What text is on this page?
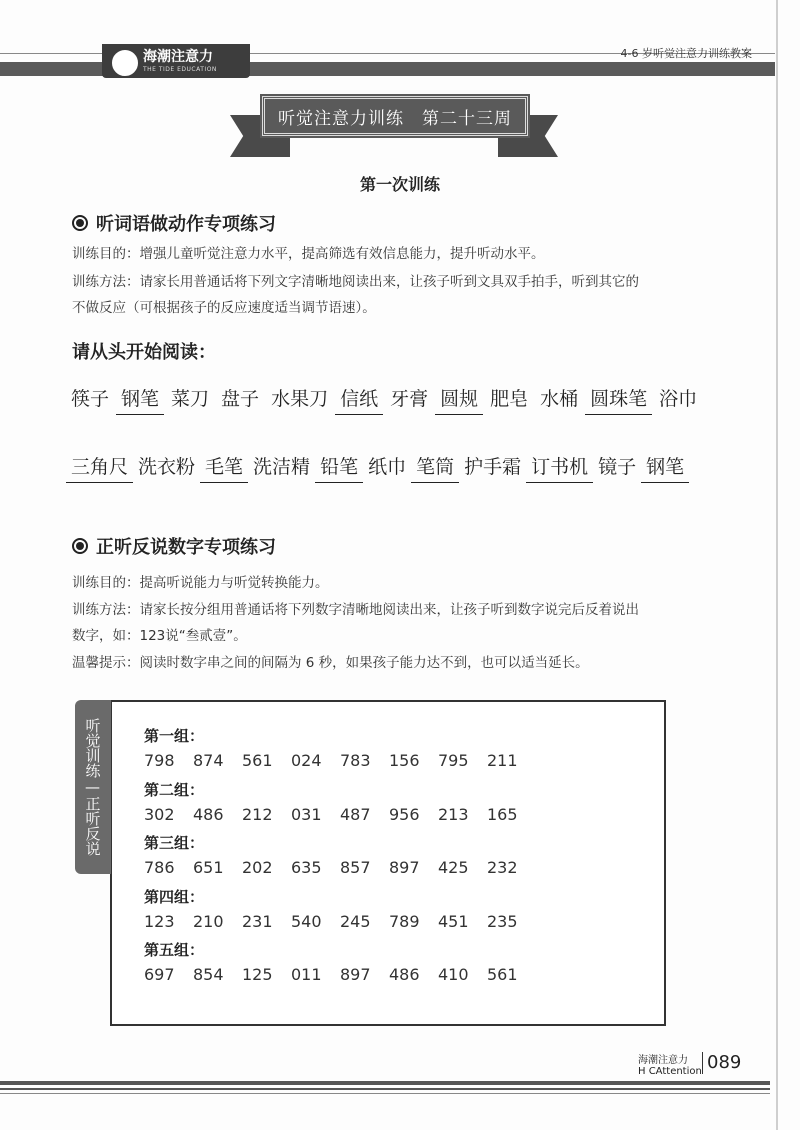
海潮注意力
THE TIDE EDUCATION
4-6 岁听觉注意力训练教案
听觉注意力训练　第二十三周
第一次训练
听词语做动作专项练习
训练目的：增强儿童听觉注意力水平，提高筛选有效信息能力，提升听动水平。
训练方法：请家长用普通话将下列文字清晰地阅读出来，让孩子听到文具双手拍手，听到其它的
不做反应（可根据孩子的反应速度适当调节语速）。
请从头开始阅读：
筷子 钢笔 菜刀 盘子 水果刀 信纸 牙膏 圆规 肥皂 水桶 圆珠笔 浴巾
三角尺 洗衣粉 毛笔 洗洁精 铅笔 纸巾 笔筒 护手霜 订书机 镜子 钢笔
正听反说数字专项练习
训练目的：提高听说能力与听觉转换能力。
训练方法：请家长按分组用普通话将下列数字清晰地阅读出来，让孩子听到数字说完后反着说出
数字，如：123说“叁贰壹”。
温馨提示：阅读时数字串之间的间隔为 6 秒，如果孩子能力达不到，也可以适当延长。
听觉训练—正听反说	第一组：
798	874	561	024	783	156	795	211
第二组：
302	486	212	031	487	956	213	165
第三组：
786	651	202	635	857	897	425	232
第四组：
123	210	231	540	245	789	451	235
第五组：
697	854	125	011	897	486	410	561
海潮注意力
H CAttention 089
